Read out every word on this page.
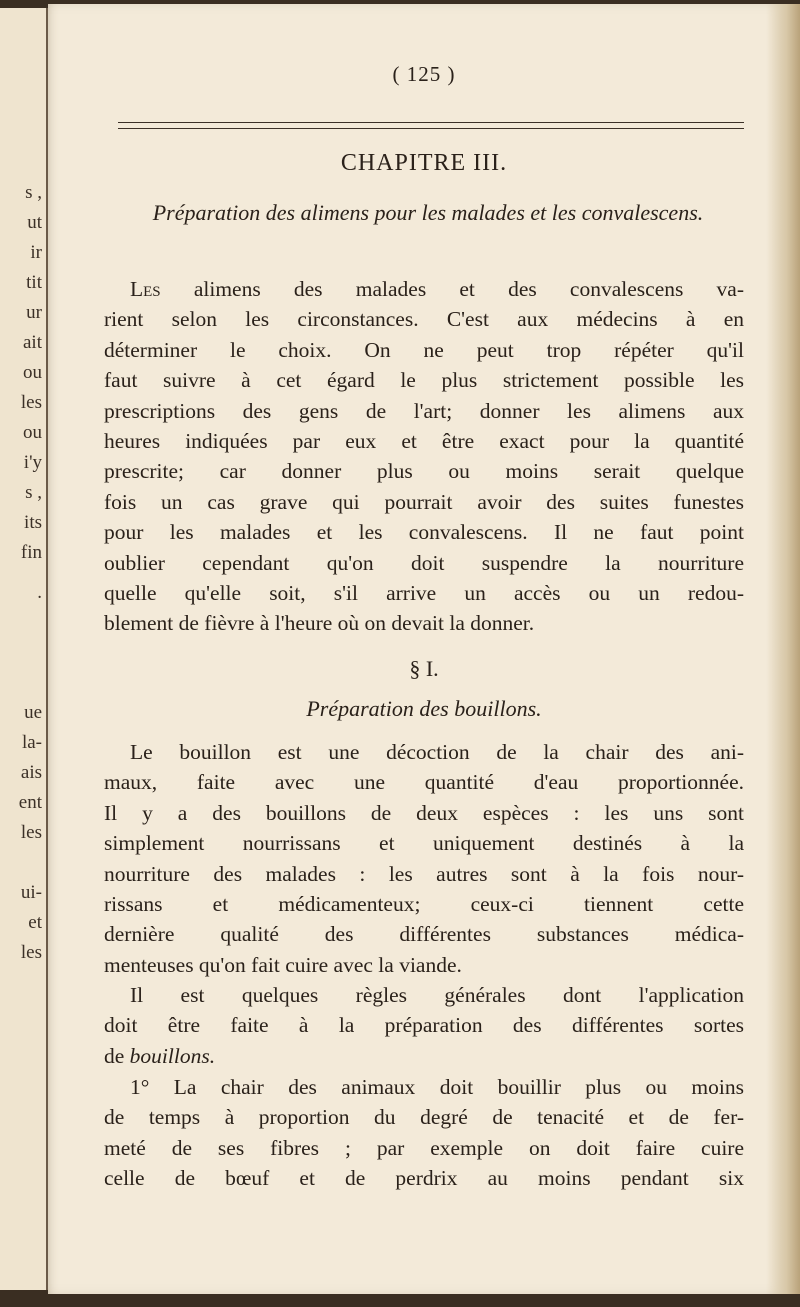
s ,
ut
ir
tit
ur
ait
ou
les
ou
i'y
s ,
its
fin
.
ue
la-
ais
ent
les
ui-
et
les
( 125 )
CHAPITRE III.
Préparation des alimens pour les malades et les convalescens.
Les alimens des malades et des convalescens va-
rient selon les circonstances. C'est aux médecins à en
déterminer le choix. On ne peut trop répéter qu'il
faut suivre à cet égard le plus strictement possible les
prescriptions des gens de l'art; donner les alimens aux
heures indiquées par eux et être exact pour la quantité
prescrite; car donner plus ou moins serait quelque
fois un cas grave qui pourrait avoir des suites funestes
pour les malades et les convalescens. Il ne faut point
oublier cependant qu'on doit suspendre la nourriture
quelle qu'elle soit, s'il arrive un accès ou un redou-
blement de fièvre à l'heure où on devait la donner.
§ I.
Préparation des bouillons.
Le bouillon est une décoction de la chair des ani-
maux, faite avec une quantité d'eau proportionnée.
Il y a des bouillons de deux espèces : les uns sont
simplement nourrissans et uniquement destinés à la
nourriture des malades : les autres sont à la fois nour-
rissans et médicamenteux; ceux-ci tiennent cette
dernière qualité des différentes substances médica-
menteuses qu'on fait cuire avec la viande.
Il est quelques règles générales dont l'application
doit être faite à la préparation des différentes sortes
de bouillons.
1° La chair des animaux doit bouillir plus ou moins
de temps à proportion du degré de tenacité et de fer-
meté de ses fibres ; par exemple on doit faire cuire
celle de bœuf et de perdrix au moins pendant six
